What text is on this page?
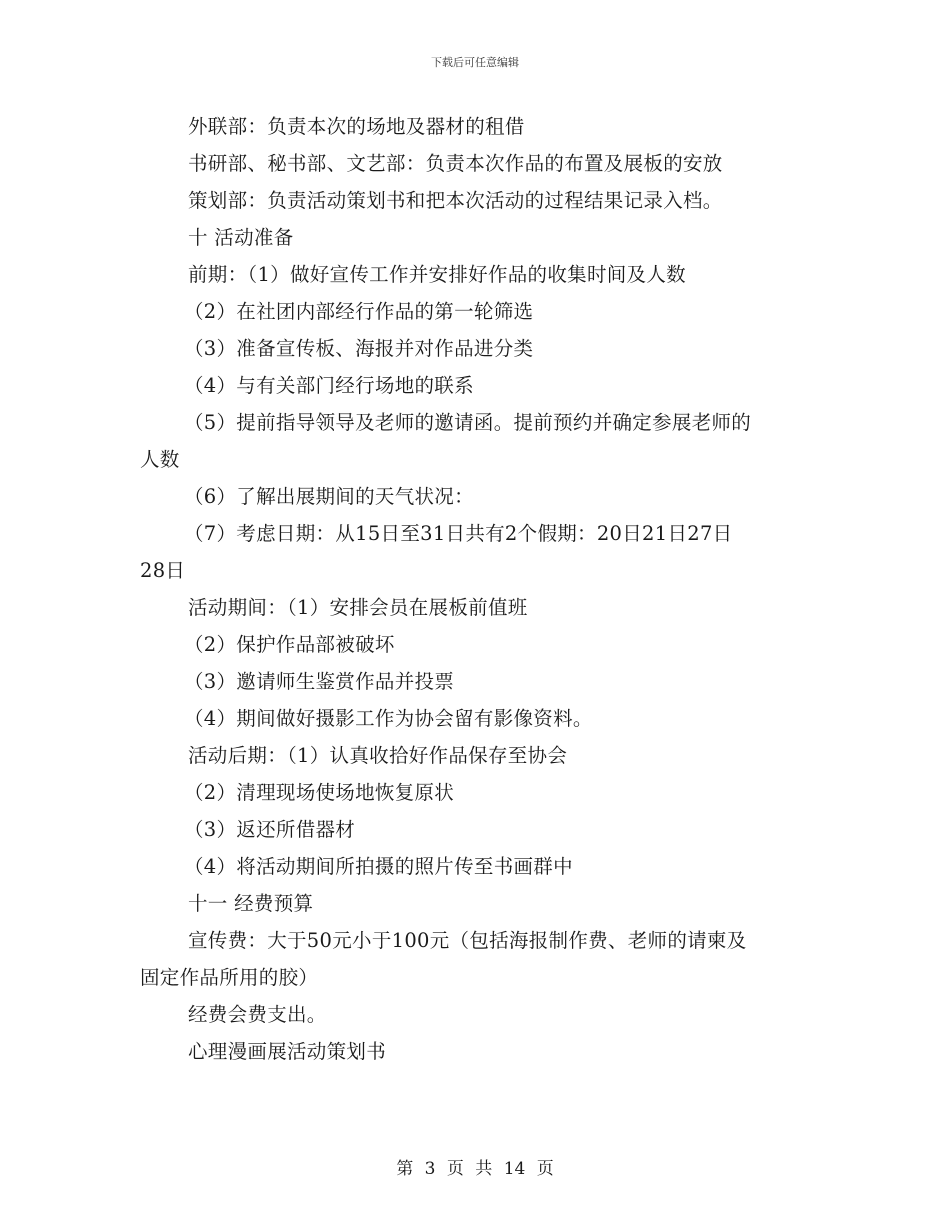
下载后可任意编辑
外联部：负责本次的场地及器材的租借
书研部、秘书部、文艺部：负责本次作品的布置及展板的安放
策划部：负责活动策划书和把本次活动的过程结果记录入档。
十 活动准备
前期：（1）做好宣传工作并安排好作品的收集时间及人数
（2）在社团内部经行作品的第一轮筛选
（3）准备宣传板、海报并对作品进分类
（4）与有关部门经行场地的联系
（5）提前指导领导及老师的邀请函。提前预约并确定参展老师的
人数
（6）了解出展期间的天气状况：
（7）考虑日期：从15日至31日共有2个假期：20日21日27日
28日
活动期间：（1）安排会员在展板前值班
（2）保护作品部被破坏
（3）邀请师生鉴赏作品并投票
（4）期间做好摄影工作为协会留有影像资料。
活动后期：（1）认真收拾好作品保存至协会
（2）清理现场使场地恢复原状
（3）返还所借器材
（4）将活动期间所拍摄的照片传至书画群中
十一 经费预算
宣传费：大于50元小于100元（包括海报制作费、老师的请柬及
固定作品所用的胶）
经费会费支出。
心理漫画展活动策划书
第 3 页 共 14 页
